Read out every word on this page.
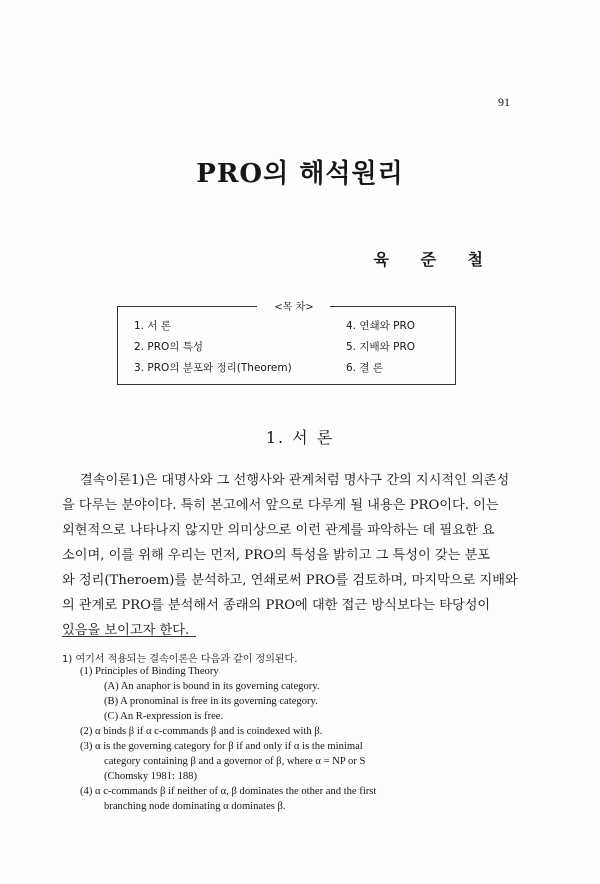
91
PRO의 해석원리
육 준 철
<목 차>
1. 서 론
2. PRO의 특성
3. PRO의 분포와 정리(Theorem)
4. 연쇄와 PRO
5. 지배와 PRO
6. 결 론
1. 서 론
결속이론1)은 대명사와 그 선행사와 관계처럼 명사구 간의 지시적인 의존성
을 다루는 분야이다. 특히 본고에서 앞으로 다루게 될 내용은 PRO이다. 이는
외현적으로 나타나지 않지만 의미상으로 이런 관계를 파악하는 데 필요한 요
소이며, 이를 위해 우리는 먼저, PRO의 특성을 밝히고 그 특성이 갖는 분포
와 정리(Theroem)를 분석하고, 연쇄로써 PRO를 검토하며, 마지막으로 지배와
의 관계로 PRO를 분석해서 종래의 PRO에 대한 접근 방식보다는 타당성이
있음을 보이고자 한다.
1) 여기서 적용되는 결속이론은 다음과 같이 정의된다.
(1) Principles of Binding Theory
(A) An anaphor is bound in its governing category.
(B) A pronominal is free in its governing category.
(C) An R-expression is free.
(2) α binds β if α c-commands β and is coindexed with β.
(3) α is the governing category for β if and only if α is the minimal
category containing β and a governor of β, where α = NP or S
(Chomsky 1981: 188)
(4) α c-commands β if neither of α, β dominates the other and the first
branching node dominating α dominates β.
